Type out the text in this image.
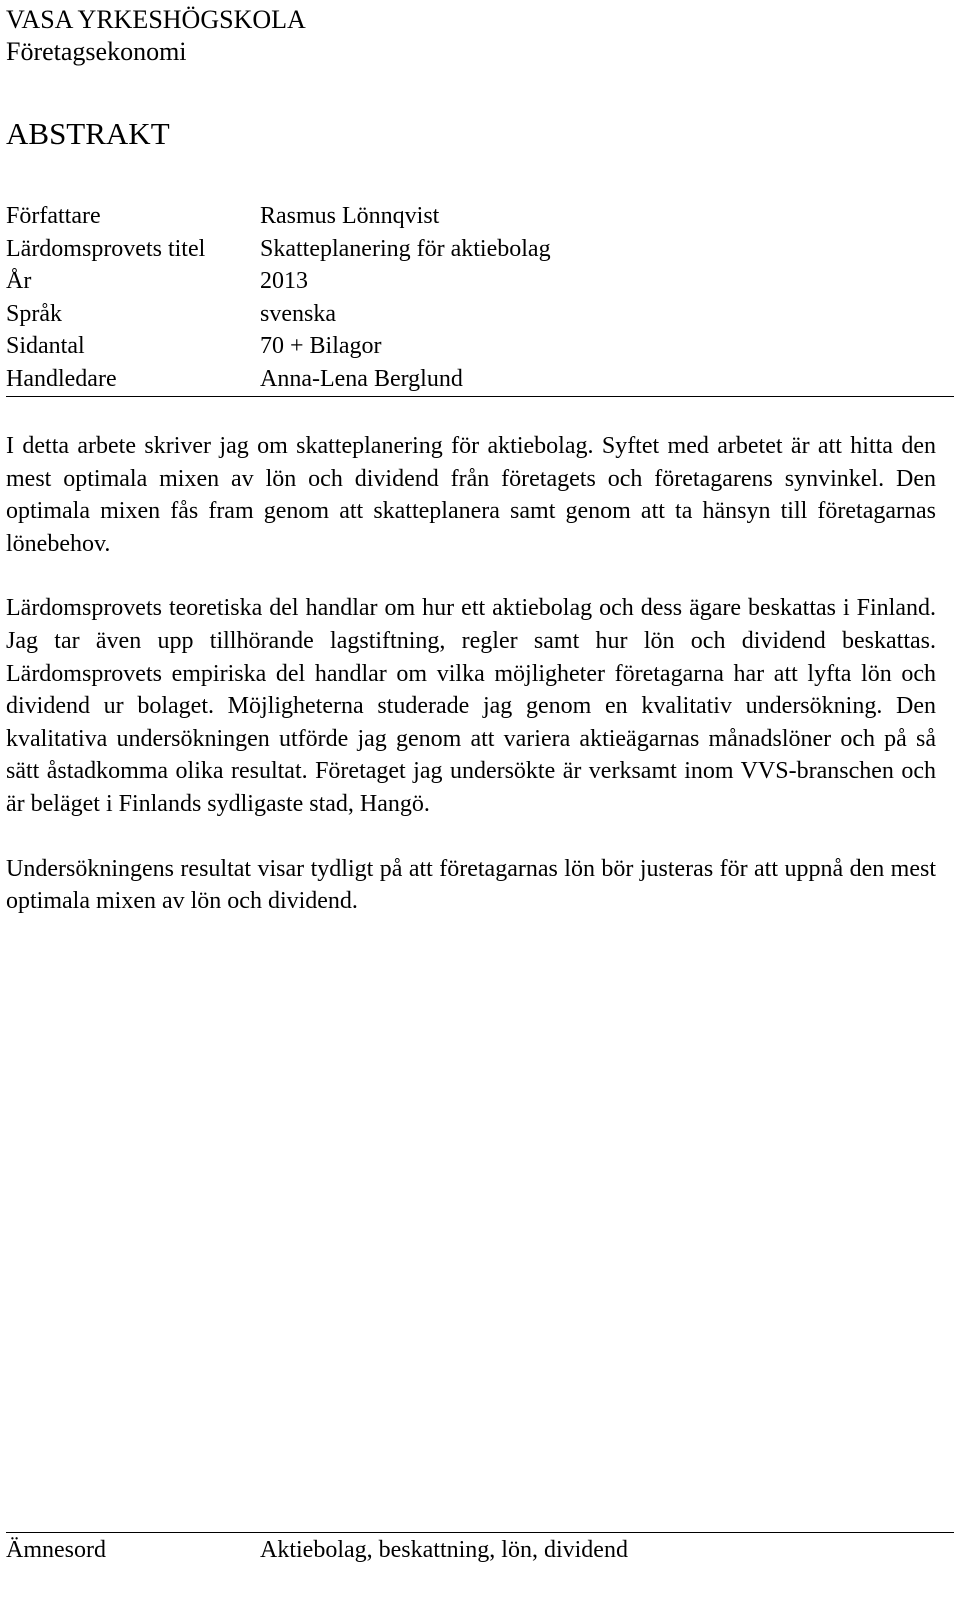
VASA YRKESHÖGSKOLA
Företagsekonomi
ABSTRAKT
Författare	Rasmus Lönnqvist
Lärdomsprovets titel	Skatteplanering för aktiebolag
År	2013
Språk	svenska
Sidantal	70 + Bilagor
Handledare	Anna-Lena Berglund

I detta arbete skriver jag om skatteplanering för aktiebolag. Syftet med arbetet är att hitta den mest optimala mixen av lön och dividend från företagets och företagarens synvinkel. Den optimala mixen fås fram genom att skatteplanera samt genom att ta hänsyn till företagarnas lönebehov.

Lärdomsprovets teoretiska del handlar om hur ett aktiebolag och dess ägare beskattas i Finland. Jag tar även upp tillhörande lagstiftning, regler samt hur lön och dividend beskattas. Lärdomsprovets empiriska del handlar om vilka möjligheter företagarna har att lyfta lön och dividend ur bolaget. Möjligheterna studerade jag genom en kvalitativ undersökning. Den kvalitativa undersökningen utförde jag genom att variera aktieägarnas månadslöner och på så sätt åstadkomma olika resultat. Företaget jag undersökte är verksamt inom VVS-branschen och är beläget i Finlands sydligaste stad, Hangö.

Undersökningens resultat visar tydligt på att företagarnas lön bör justeras för att uppnå den mest optimala mixen av lön och dividend.

Ämnesord	Aktiebolag, beskattning, lön, dividend
